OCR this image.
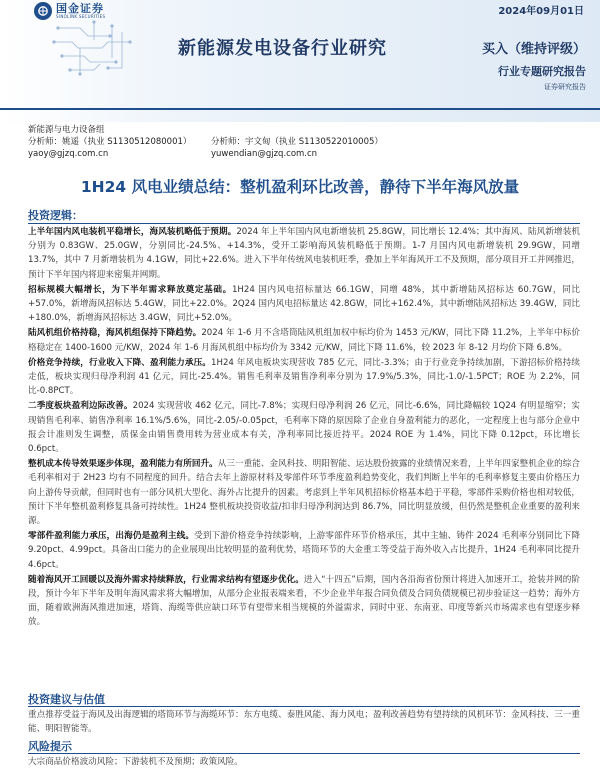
国金证券
SINOLINK SECURITIES	2024年09月01日
新能源发电设备行业研究	买入（维持评级）
行业专题研究报告
证券研究报告
新能源与电力设备组
分析师：姚遥（执业 S1130512080001）	分析师：宇文甸（执业 S1130522010005）
yaoy@gjzq.com.cn	yuwendian@gjzq.com.cn
1H24 风电业绩总结：整机盈利环比改善，静待下半年海风放量
投资逻辑：

上半年国内风电装机平稳增长，海风装机略低于预期。2024 年上半年国内风电新增装机 25.8GW，同比增长 12.4%；其中海风、陆风新增装机分别为 0.83GW、25.0GW，分别同比-24.5%、+14.3%，受开工影响海风装机略低于预期。1-7 月国内风电新增装机 29.9GW，同增 13.7%，其中 7 月新增装机为 4.1GW，同比+22.6%。进入下半年传统风电装机旺季，叠加上半年海风开工不及预期，部分项目开工并网推迟，预计下半年国内将迎来密集并网期。

招标规模大幅增长，为下半年需求释放奠定基础。1H24 国内风电招标量达 66.1GW，同增 48%，其中新增陆风招标达 60.7GW，同比+57.0%，新增海风招标达 5.4GW，同比+22.0%。2Q24 国内风电招标量达 42.8GW，同比+162.4%，其中新增陆风招标达 39.4GW，同比+180.0%，新增海风招标达 3.4GW，同比+52.0%。

陆风机组价格持稳，海风机组保持下降趋势。2024 年 1-6 月不含塔筒陆风机组加权中标均价为 1453 元/KW，同比下降 11.2%，上半年中标价格稳定在 1400-1600 元/KW，2024 年 1-6 月海风机组中标均价为 3342 元/KW，同比下降 11.6%，较 2023 年 8-12 月均价下降 6.8%。

价格竞争持续，行业收入下降、盈利能力承压。1H24 年风电板块实现营收 785 亿元，同比-3.3%；由于行业竞争持续加剧，下游招标价格持续走低，板块实现归母净利润 41 亿元，同比-25.4%。销售毛利率及销售净利率分别为 17.9%/5.3%，同比-1.0/-1.5PCT；ROE 为 2.2%，同比-0.8PCT。

二季度板块盈利边际改善。2024 实现营收 462 亿元，同比-7.8%；实现归母净利润 26 亿元，同比-6.6%，同比降幅较 1Q24 有明显缩窄；实现销售毛利率、销售净利率 16.1%/5.6%，同比-2.05/-0.05pct，毛利率下降的原因除了企业自身盈利能力的恶化，一定程度上也与部分企业中报会计准则发生调整，质保金由销售费用转为营业成本有关，净利率同比接近持平。2024 ROE 为 1.4%，同比下降 0.12pct，环比增长 0.6pct。

整机成本传导效果逐步体现，盈利能力有所回升。从三一重能、金风科技、明阳智能、运达股份披露的业绩情况来看，上半年四家整机企业的综合毛利率相对于 2H23 均有不同程度的回升。结合去年上游原材料及零部件环节季度盈利趋势变化，我们判断上半年的毛利率修复主要由价格压力向上游传导贡献，但同时也有一部分风机大型化、海外占比提升的因素。考虑到上半年风机招标价格基本趋于平稳，零部件采购价格也相对较低，预计下半年整机盈利修复具备可持续性。1H24 整机板块投资收益/扣非归母净利润达到 86.7%，同比明显放缓，但仍然是整机企业重要的盈利来源。

零部件盈利能力承压，出海仍是盈利主线。受到下游价格竞争持续影响，上游零部件环节价格承压，其中主轴、铸件 2024 毛利率分别同比下降 9.20pct、4.99pct。具备出口能力的企业展现出比较明显的盈利优势，塔筒环节的大金重工等受益于海外收入占比提升，1H24 毛利率同比提升 4.6pct。

随着海风开工回暖以及海外需求持续释放，行业需求结构有望逐步优化。进入“十四五”后期，国内各沿海省份预计将进入加速开工，抢装并网的阶段，预计今年下半年及明年海风需求将大幅增加，从部分企业报表端来看，不少企业半年报合同负债及合同负债规模已初步验证这一趋势；海外方面，随着欧洲海风推进加速，塔筒、海缆等供应缺口环节有望带来相当规模的外溢需求，同时中亚、东南亚、印度等新兴市场需求也有望逐步释放。

投资建议与估值
重点推荐受益于海风及出海逻辑的塔筒环节与海缆环节：东方电缆、泰胜风能、海力风电；盈利改善趋势有望持续的风机环节：金风科技、三一重能、明阳智能等。
风险提示
大宗商品价格波动风险；下游装机不及预期；政策风险。
